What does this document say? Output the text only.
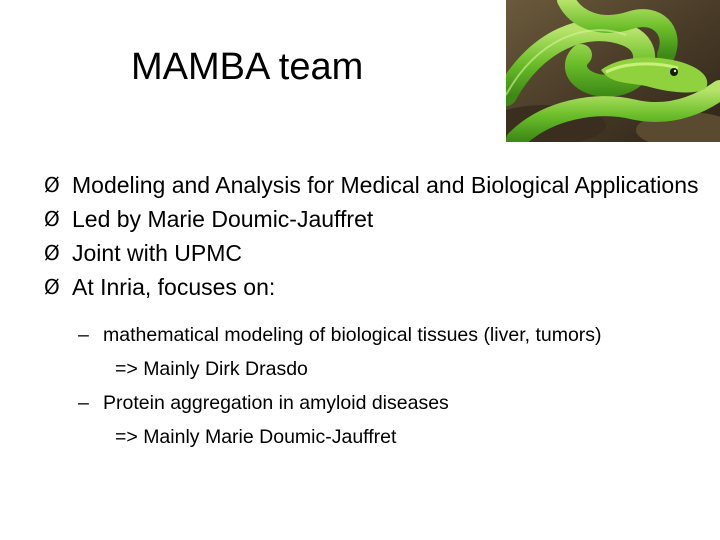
MAMBA team
Ø Modeling and Analysis for Medical and Biological Applications
Ø Led by Marie Doumic-Jauffret
Ø Joint with UPMC
Ø At Inria, focuses on:
– mathematical modeling of biological tissues (liver, tumors)
=> Mainly Dirk Drasdo
– Protein aggregation in amyloid diseases
=> Mainly Marie Doumic-Jauffret
